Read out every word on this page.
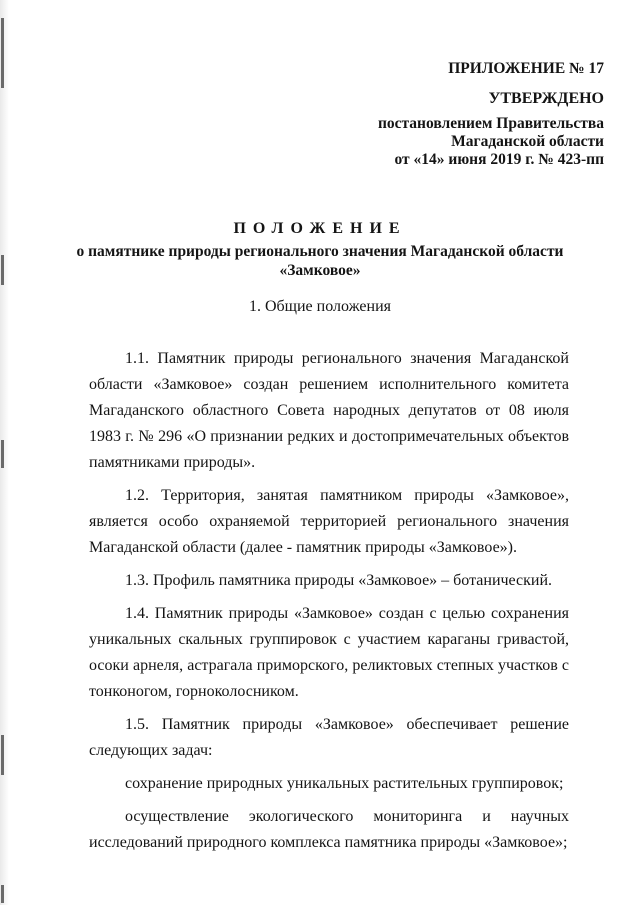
ПРИЛОЖЕНИЕ № 17
УТВЕРЖДЕНО
постановлением Правительства
Магаданской области
от «14» июня 2019 г. № 423-пп
ПОЛОЖЕНИЕ
о памятнике природы регионального значения Магаданской области
«Замковое»
1. Общие положения

1.1. Памятник природы регионального значения Магаданской области «Замковое» создан решением исполнительного комитета Магаданского областного Совета народных депутатов от 08 июля 1983 г. № 296 «О признании редких и достопримечательных объектов памятниками природы».

1.2. Территория, занятая памятником природы «Замковое», является особо охраняемой территорией регионального значения Магаданской области (далее - памятник природы «Замковое»).

1.3. Профиль памятника природы «Замковое» – ботанический.

1.4. Памятник природы «Замковое» создан с целью сохранения уникальных скальных группировок с участием караганы гривастой, осоки арнеля, астрагала приморского, реликтовых степных участков с тонконогом, горноколосником.

1.5. Памятник природы «Замковое» обеспечивает решение следующих задач:

сохранение природных уникальных растительных группировок;

осуществление экологического мониторинга и научных исследований природного комплекса памятника природы «Замковое»;
